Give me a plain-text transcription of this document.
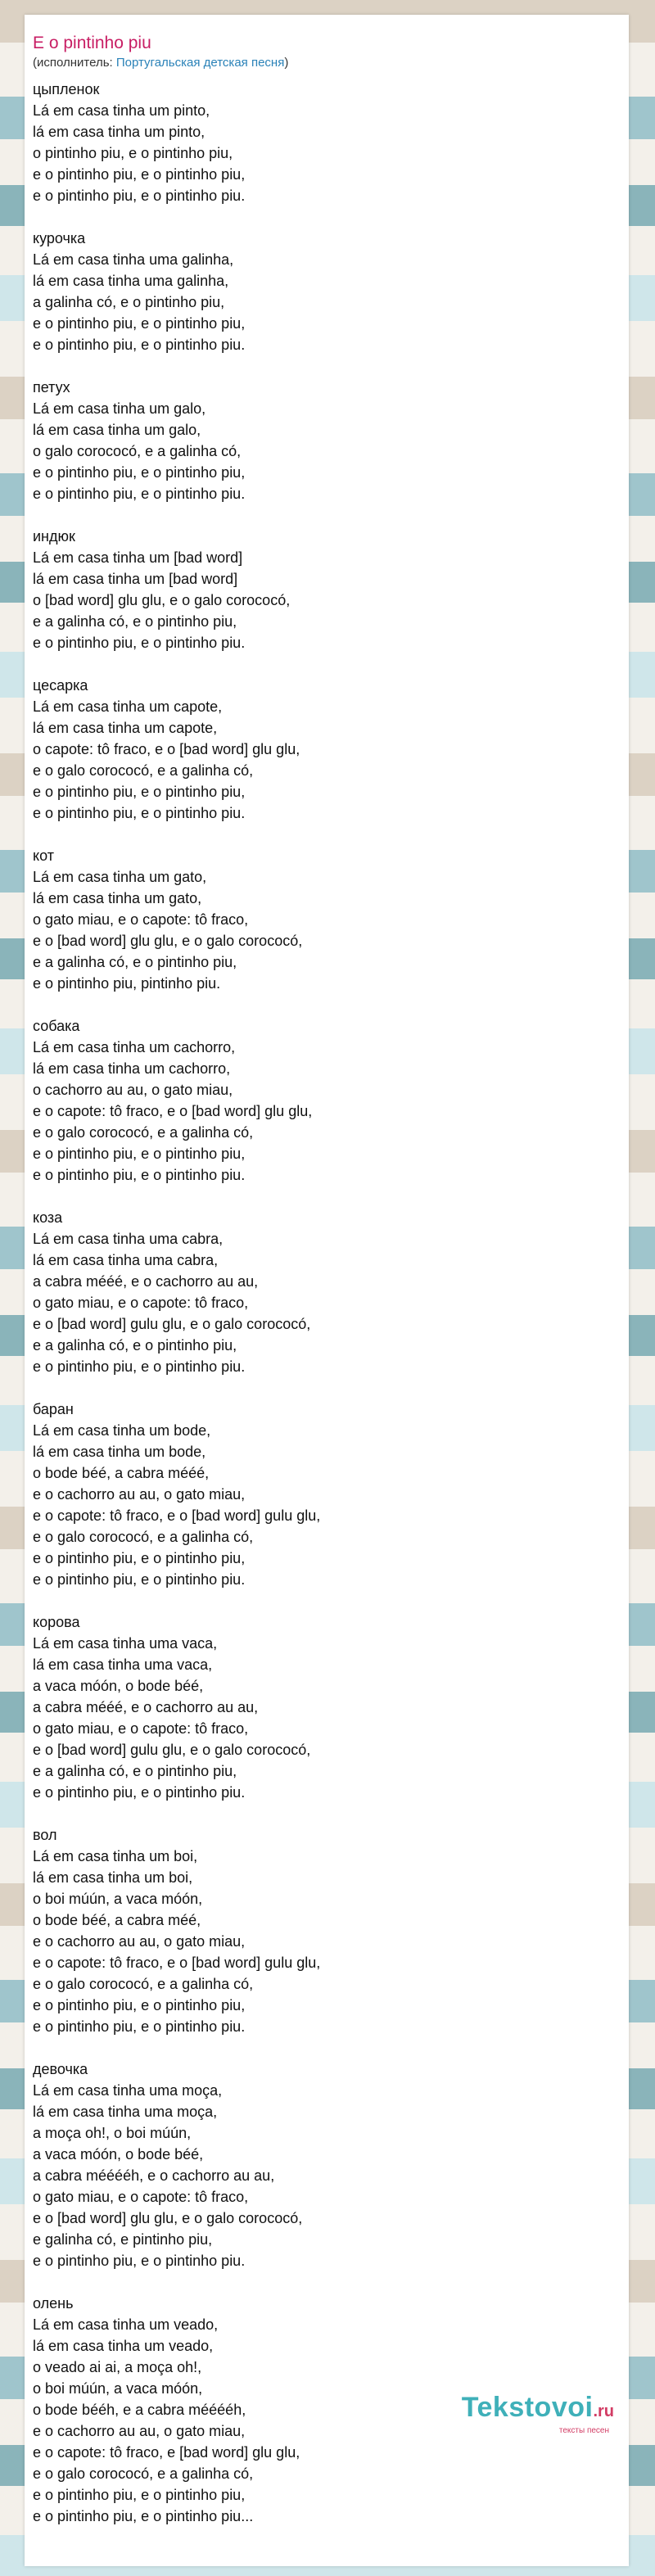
E o pintinho piu
(исполнитель: Португальская детская песня)
цыпленок
Lá em casa tinha um pinto,
lá em casa tinha um pinto,
o pintinho piu, e o pintinho piu,
e o pintinho piu, e o pintinho piu,
e o pintinho piu, e o pintinho piu.
курочка
Lá em casa tinha uma galinha,
lá em casa tinha uma galinha,
a galinha có, e o pintinho piu,
e o pintinho piu, e o pintinho piu,
e o pintinho piu, e o pintinho piu.
петух
Lá em casa tinha um galo,
lá em casa tinha um galo,
o galo corococó, e a galinha có,
e o pintinho piu, e o pintinho piu,
e o pintinho piu, e o pintinho piu.
индюк
Lá em casa tinha um [bad word]
lá em casa tinha um [bad word]
o [bad word] glu glu, e o galo corococó,
e a galinha có, e o pintinho piu,
e o pintinho piu, e o pintinho piu.
цесарка
Lá em casa tinha um capote,
lá em casa tinha um capote,
o capote: tô fraco, e o [bad word] glu glu,
e o galo corococó, e a galinha có,
e o pintinho piu, e o pintinho piu,
e o pintinho piu, e o pintinho piu.
кот
Lá em casa tinha um gato,
lá em casa tinha um gato,
o gato miau, e o capote: tô fraco,
e o [bad word] glu glu, e o galo corococó,
e a galinha có, e o pintinho piu,
e o pintinho piu, pintinho piu.
собака
Lá em casa tinha um cachorro,
lá em casa tinha um cachorro,
o cachorro au au, o gato miau,
e o capote: tô fraco, e o [bad word] glu glu,
e o galo corococó, e a galinha có,
e o pintinho piu, e o pintinho piu,
e o pintinho piu, e o pintinho piu.
коза
Lá em casa tinha uma cabra,
lá em casa tinha uma cabra,
a cabra mééé, e o cachorro au au,
o gato miau, e o capote: tô fraco,
e o [bad word] gulu glu, e o galo corococó,
e a galinha có, e o pintinho piu,
e o pintinho piu, e o pintinho piu.
баран
Lá em casa tinha um bode,
lá em casa tinha um bode,
o bode béé, a cabra mééé,
e o cachorro au au, o gato miau,
e o capote: tô fraco, e o [bad word] gulu glu,
e o galo corococó, e a galinha có,
e o pintinho piu, e o pintinho piu,
e o pintinho piu, e o pintinho piu.
корова
Lá em casa tinha uma vaca,
lá em casa tinha uma vaca,
a vaca móón, o bode béé,
a cabra mééé, e o cachorro au au,
o gato miau, e o capote: tô fraco,
e o [bad word] gulu glu, e o galo corococó,
e a galinha có, e o pintinho piu,
e o pintinho piu, e o pintinho piu.
вол
Lá em casa tinha um boi,
lá em casa tinha um boi,
o boi múún, a vaca móón,
o bode béé, a cabra méé,
e o cachorro au au, o gato miau,
e o capote: tô fraco, e o [bad word] gulu glu,
e o galo corococó, e a galinha có,
e o pintinho piu, e o pintinho piu,
e o pintinho piu, e o pintinho piu.
девочка
Lá em casa tinha uma moça,
lá em casa tinha uma moça,
a moça oh!, o boi múún,
a vaca móón, o bode béé,
a cabra mééééh, e o cachorro au au,
o gato miau, e o capote: tô fraco,
e o [bad word] glu glu, e o galo corococó,
e galinha có, e pintinho piu,
e o pintinho piu, e o pintinho piu.
олень
Lá em casa tinha um veado,
lá em casa tinha um veado,
o veado ai ai, a moça oh!,
o boi múún, a vaca móón,
o bode bééh, e a cabra mééééh,
e o cachorro au au, o gato miau,
e o capote: tô fraco, e [bad word] glu glu,
e o galo corococó, e a galinha có,
e o pintinho piu, e o pintinho piu,
e o pintinho piu, e o pintinho piu...
Tekstovoi.ru
тексты песен
